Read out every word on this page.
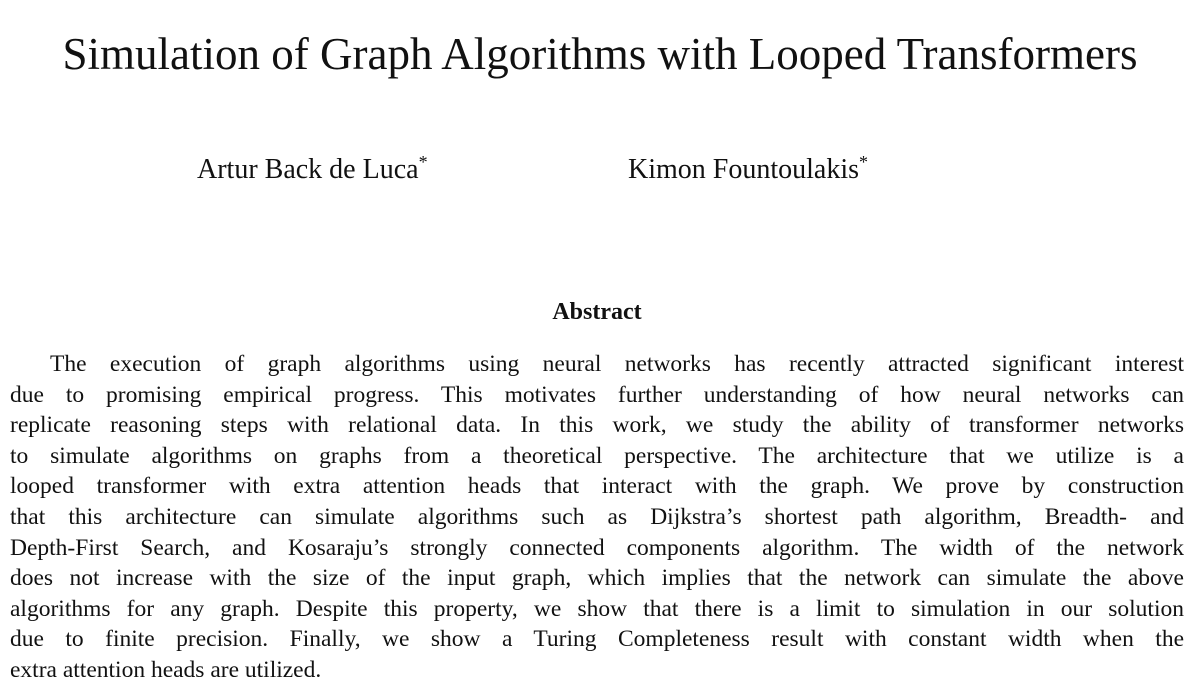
Simulation of Graph Algorithms with Looped Transformers
Artur Back de Luca*	Kimon Fountoulakis*
Abstract
The execution of graph algorithms using neural networks has recently attracted significant interest
due to promising empirical progress. This motivates further understanding of how neural networks can
replicate reasoning steps with relational data. In this work, we study the ability of transformer networks
to simulate algorithms on graphs from a theoretical perspective. The architecture that we utilize is a
looped transformer with extra attention heads that interact with the graph. We prove by construction
that this architecture can simulate algorithms such as Dijkstra’s shortest path algorithm, Breadth- and
Depth-First Search, and Kosaraju’s strongly connected components algorithm. The width of the network
does not increase with the size of the input graph, which implies that the network can simulate the above
algorithms for any graph. Despite this property, we show that there is a limit to simulation in our solution
due to finite precision. Finally, we show a Turing Completeness result with constant width when the
extra attention heads are utilized.
